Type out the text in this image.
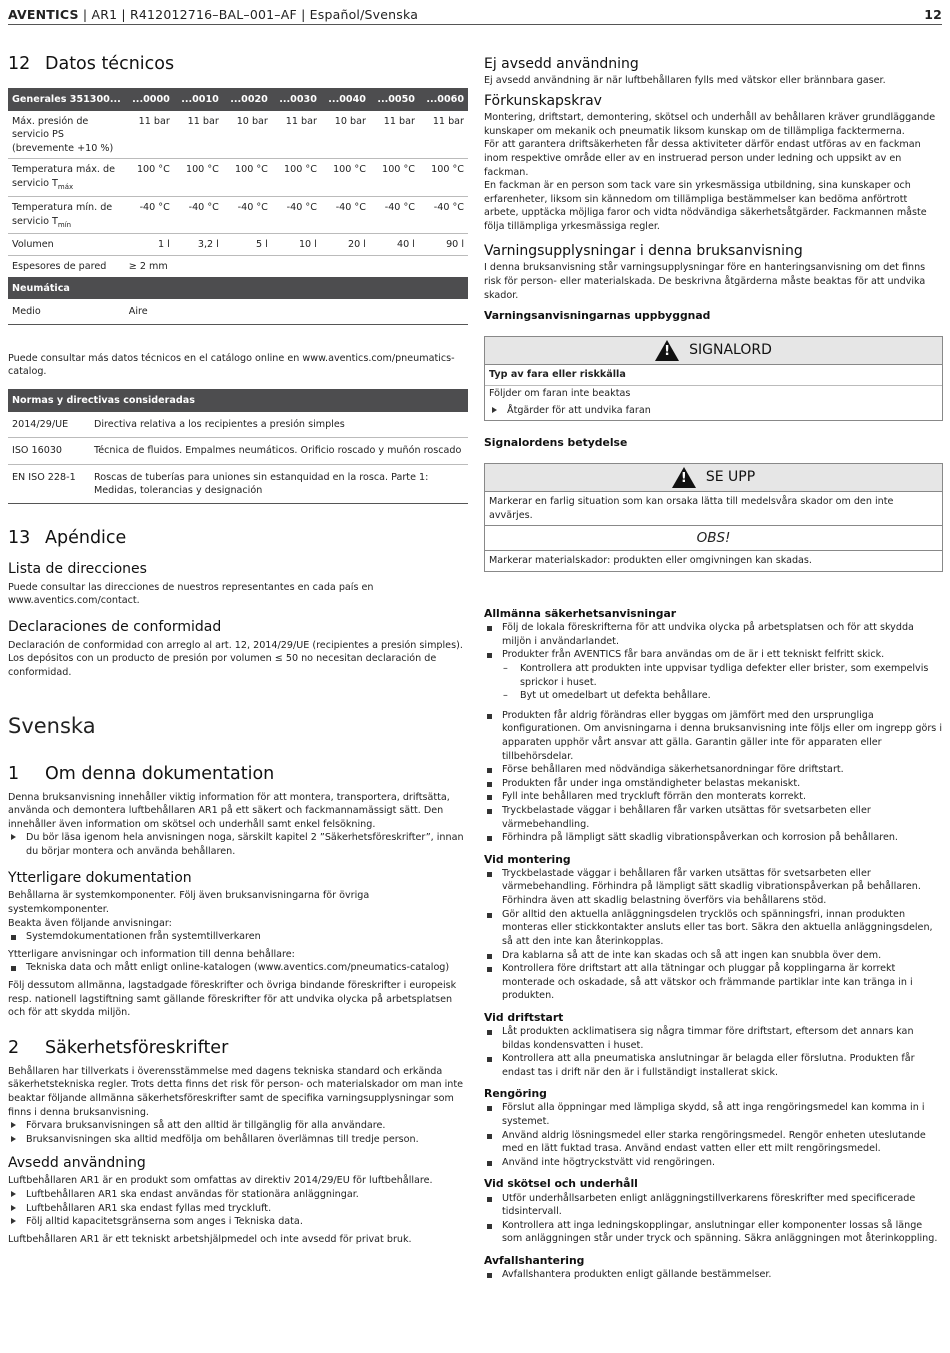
AVENTICS | AR1 | R412012716–BAL–001–AF | Español/Svenska	12
12 Datos técnicos
Generales 351300...	...0000	...0010	...0020	...0030	...0040	...0050	...0060
Máx. presión de servicio PS (brevemente +10 %)	11 bar	11 bar	10 bar	11 bar	10 bar	11 bar	11 bar
Temperatura máx. de servicio $T_{máx}$	100 °C	100 °C	100 °C	100 °C	100 °C	100 °C	100 °C
Temperatura mín. de servicio $T_{mín}$	-40 °C	-40 °C	-40 °C	-40 °C	-40 °C	-40 °C	-40 °C
Volumen	1 l	3,2 l	5 l	10 l	20 l	40 l	90 l
Espesores de pared	≥ 2 mm						
Neumática							
Medio	Aire						

Puede consultar más datos técnicos en el catálogo online en www.aventics.com/pneumatics-catalog.

Normas y directivas consideradas	
2014/29/UE	Directiva relativa a los recipientes a presión simples
ISO 16030	Técnica de fluidos. Empalmes neumáticos. Orificio roscado y muñón roscado
EN ISO 228-1	Roscas de tuberías para uniones sin estanquidad en la rosca. Parte 1: Medidas, tolerancias y designación
13 Apéndice
Lista de direcciones

Puede consultar las direcciones de nuestros representantes en cada país en www.aventics.com/contact.

Declaraciones de conformidad

Declaración de conformidad con arreglo al art. 12, 2014/29/UE (recipientes a presión simples). Los depósitos con un producto de presión por volumen ≤ 50 no necesitan declaración de conformidad.

Svenska
1	Om denna dokumentation

Denna bruksanvisning innehåller viktig information för att montera, transportera, driftsätta, använda och demontera luftbehållaren AR1 på ett säkert och fackmannamässigt sätt. Den innehåller även information om skötsel och underhåll samt enkel felsökning.

Du bör läsa igenom hela anvisningen noga, särskilt kapitel 2 ”Säkerhetsföreskrifter”, innan du börjar montera och använda behållaren.
Ytterligare dokumentation

Behållarna är systemkomponenter. Följ även bruksanvisningarna för övriga systemkomponenter.

Beakta även följande anvisningar:

Systemdokumentationen från systemtillverkaren

Ytterligare anvisningar och information till denna behållare:

Tekniska data och mått enligt online-katalogen (www.aventics.com/pneumatics-catalog)

Följ dessutom allmänna, lagstadgade föreskrifter och övriga bindande föreskrifter i europeisk resp. nationell lagstiftning samt gällande föreskrifter för att undvika olycka på arbetsplatsen och för att skydda miljön.

2	Säkerhetsföreskrifter

Behållaren har tillverkats i överensstämmelse med dagens tekniska standard och erkända säkerhetstekniska regler. Trots detta finns det risk för person- och materialskador om man inte beaktar följande allmänna säkerhetsföreskrifter samt de specifika varningsupplysningar som finns i denna bruksanvisning.

Förvara bruksanvisningen så att den alltid är tillgänglig för alla användare.
Bruksanvisningen ska alltid medfölja om behållaren överlämnas till tredje person.
Avsedd användning

Luftbehållaren AR1 är en produkt som omfattas av direktiv 2014/29/EU för luftbehållare.

Luftbehållaren AR1 ska endast användas för stationära anläggningar.
Luftbehållaren AR1 ska endast fyllas med tryckluft.
Följ alltid kapacitetsgränserna som anges i Tekniska data.

Luftbehållaren AR1 är ett tekniskt arbetshjälpmedel och inte avsedd för privat bruk.

Ej avsedd användning

Ej avsedd användning är när luftbehållaren fylls med vätskor eller brännbara gaser.

Förkunskapskrav

Montering, driftstart, demontering, skötsel och underhåll av behållaren kräver grundläggande kunskaper om mekanik och pneumatik liksom kunskap om de tillämpliga facktermerna.

För att garantera driftsäkerheten får dessa aktiviteter därför endast utföras av en fackman inom respektive område eller av en instruerad person under ledning och uppsikt av en fackman.

En fackman är en person som tack vare sin yrkesmässiga utbildning, sina kunskaper och erfarenheter, liksom sin kännedom om tillämpliga bestämmelser kan bedöma anförtrott arbete, upptäcka möjliga faror och vidta nödvändiga säkerhetsåtgärder. Fackmannen måste följa tillämpliga yrkesmässiga regler.

Varningsupplysningar i denna bruksanvisning

I denna bruksanvisning står varningsupplysningar före en hanteringsanvisning om det finns risk för person- eller materialskada. De beskrivna åtgärderna måste beaktas för att undvika skador.

Varningsanvisningarnas uppbyggnad
! SIGNALORD
Typ av fara eller riskkälla
Följder om faran inte beaktas
Åtgärder för att undvika faran
Signalordens betydelse
! SE UPP
Markerar en farlig situation som kan orsaka lätta till medelsvåra skador om den inte avvärjes.
OBS!
Markerar materialskador: produkten eller omgivningen kan skadas.
Allmänna säkerhetsanvisningar
Följ de lokala föreskrifterna för att undvika olycka på arbetsplatsen och för att skydda miljön i användarlandet.
Produkter från AVENTICS får bara användas om de är i ett tekniskt felfritt skick.
– Kontrollera att produkten inte uppvisar tydliga defekter eller brister, som exempelvis sprickor i huset.
– Byt ut omedelbart ut defekta behållare.
Produkten får aldrig förändras eller byggas om jämfört med den ursprungliga konfigurationen. Om anvisningarna i denna bruksanvisning inte följs eller om ingrepp görs i apparaten upphör vårt ansvar att gälla. Garantin gäller inte för apparaten eller tillbehörsdelar.
Förse behållaren med nödvändiga säkerhetsanordningar före driftstart.
Produkten får under inga omständigheter belastas mekaniskt.
Fyll inte behållaren med tryckluft förrän den monterats korrekt.
Tryckbelastade väggar i behållaren får varken utsättas för svetsarbeten eller värmebehandling.
Förhindra på lämpligt sätt skadlig vibrationspåverkan och korrosion på behållaren.
Vid montering
Tryckbelastade väggar i behållaren får varken utsättas för svetsarbeten eller värmebehandling. Förhindra på lämpligt sätt skadlig vibrationspåverkan på behållaren. Förhindra även att skadlig belastning överförs via behållarens stöd.
Gör alltid den aktuella anläggningsdelen trycklös och spänningsfri, innan produkten monteras eller stickkontakter ansluts eller tas bort. Säkra den aktuella anläggningsdelen, så att den inte kan återinkopplas.
Dra kablarna så att de inte kan skadas och så att ingen kan snubbla över dem.
Kontrollera före driftstart att alla tätningar och pluggar på kopplingarna är korrekt monterade och oskadade, så att vätskor och främmande partiklar inte kan tränga in i produkten.
Vid driftstart
Låt produkten acklimatisera sig några timmar före driftstart, eftersom det annars kan bildas kondensvatten i huset.
Kontrollera att alla pneumatiska anslutningar är belagda eller förslutna. Produkten får endast tas i drift när den är i fullständigt installerat skick.
Rengöring
Förslut alla öppningar med lämpliga skydd, så att inga rengöringsmedel kan komma in i systemet.
Använd aldrig lösningsmedel eller starka rengöringsmedel. Rengör enheten uteslutande med en lätt fuktad trasa. Använd endast vatten eller ett milt rengöringsmedel.
Använd inte högtryckstvätt vid rengöringen.
Vid skötsel och underhåll
Utför underhållsarbeten enligt anläggningstillverkarens föreskrifter med specificerade tidsintervall.
Kontrollera att inga ledningskopplingar, anslutningar eller komponenter lossas så länge som anläggningen står under tryck och spänning. Säkra anläggningen mot återinkoppling.
Avfallshantering
Avfallshantera produkten enligt gällande bestämmelser.
